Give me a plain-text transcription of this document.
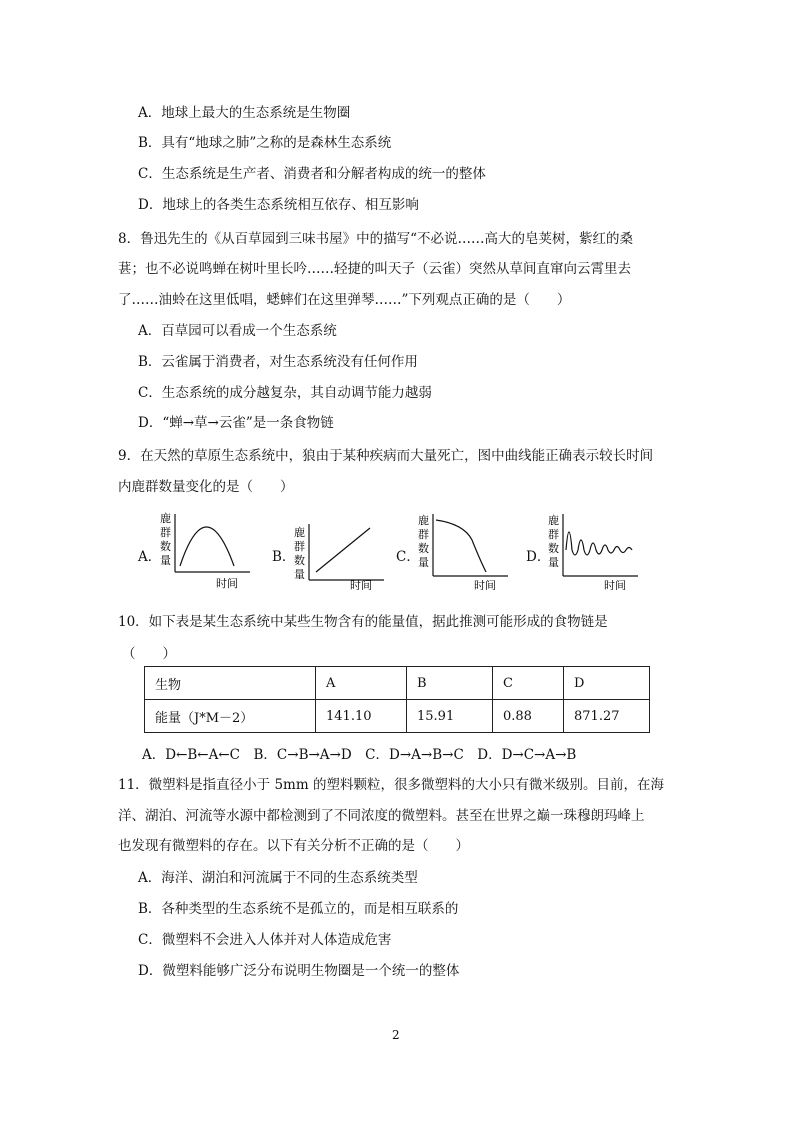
A．地球上最大的生态系统是生物圈
B．具有“地球之肺”之称的是森林生态系统
C．生态系统是生产者、消费者和分解者构成的统一的整体
D．地球上的各类生态系统相互依存、相互影响
8．鲁迅先生的《从百草园到三味书屋》中的描写“不必说……高大的皂荚树，紫红的桑
葚；也不必说鸣蝉在树叶里长吟……轻捷的叫天子（云雀）突然从草间直窜向云霄里去
了……油蛉在这里低唱，蟋蟀们在这里弹琴……”下列观点正确的是（　　）
A．百草园可以看成一个生态系统
B．云雀属于消费者，对生态系统没有任何作用
C．生态系统的成分越复杂，其自动调节能力越弱
D．“蝉→草→云雀”是一条食物链
9．在天然的草原生态系统中，狼由于某种疾病而大量死亡，图中曲线能正确表示较长时间
内鹿群数量变化的是（　　）
A．
鹿
群
数
量
时间
B．
鹿
群
数
量
时间
C．
鹿
群
数
量
时间
D．
鹿
群
数
量
时间
10．如下表是某生态系统中某些生物含有的能量值，据此推测可能形成的食物链是
（　　）
生物	A	B	C	D
能量（J*M－2）	141.10	15.91	0.88	871.27
A．D←B←A←C　B．C→B→A→D　C．D→A→B→C　D．D→C→A→B
11．微塑料是指直径小于 5mm 的塑料颗粒，很多微塑料的大小只有微米级别。目前，在海
洋、湖泊、河流等水源中都检测到了不同浓度的微塑料。甚至在世界之巅一珠穆朗玛峰上
也发现有微塑料的存在。以下有关分析不正确的是（　　）
A．海洋、湖泊和河流属于不同的生态系统类型
B．各种类型的生态系统不是孤立的，而是相互联系的
C．微塑料不会进入人体并对人体造成危害
D．微塑料能够广泛分布说明生物圈是一个统一的整体
2
